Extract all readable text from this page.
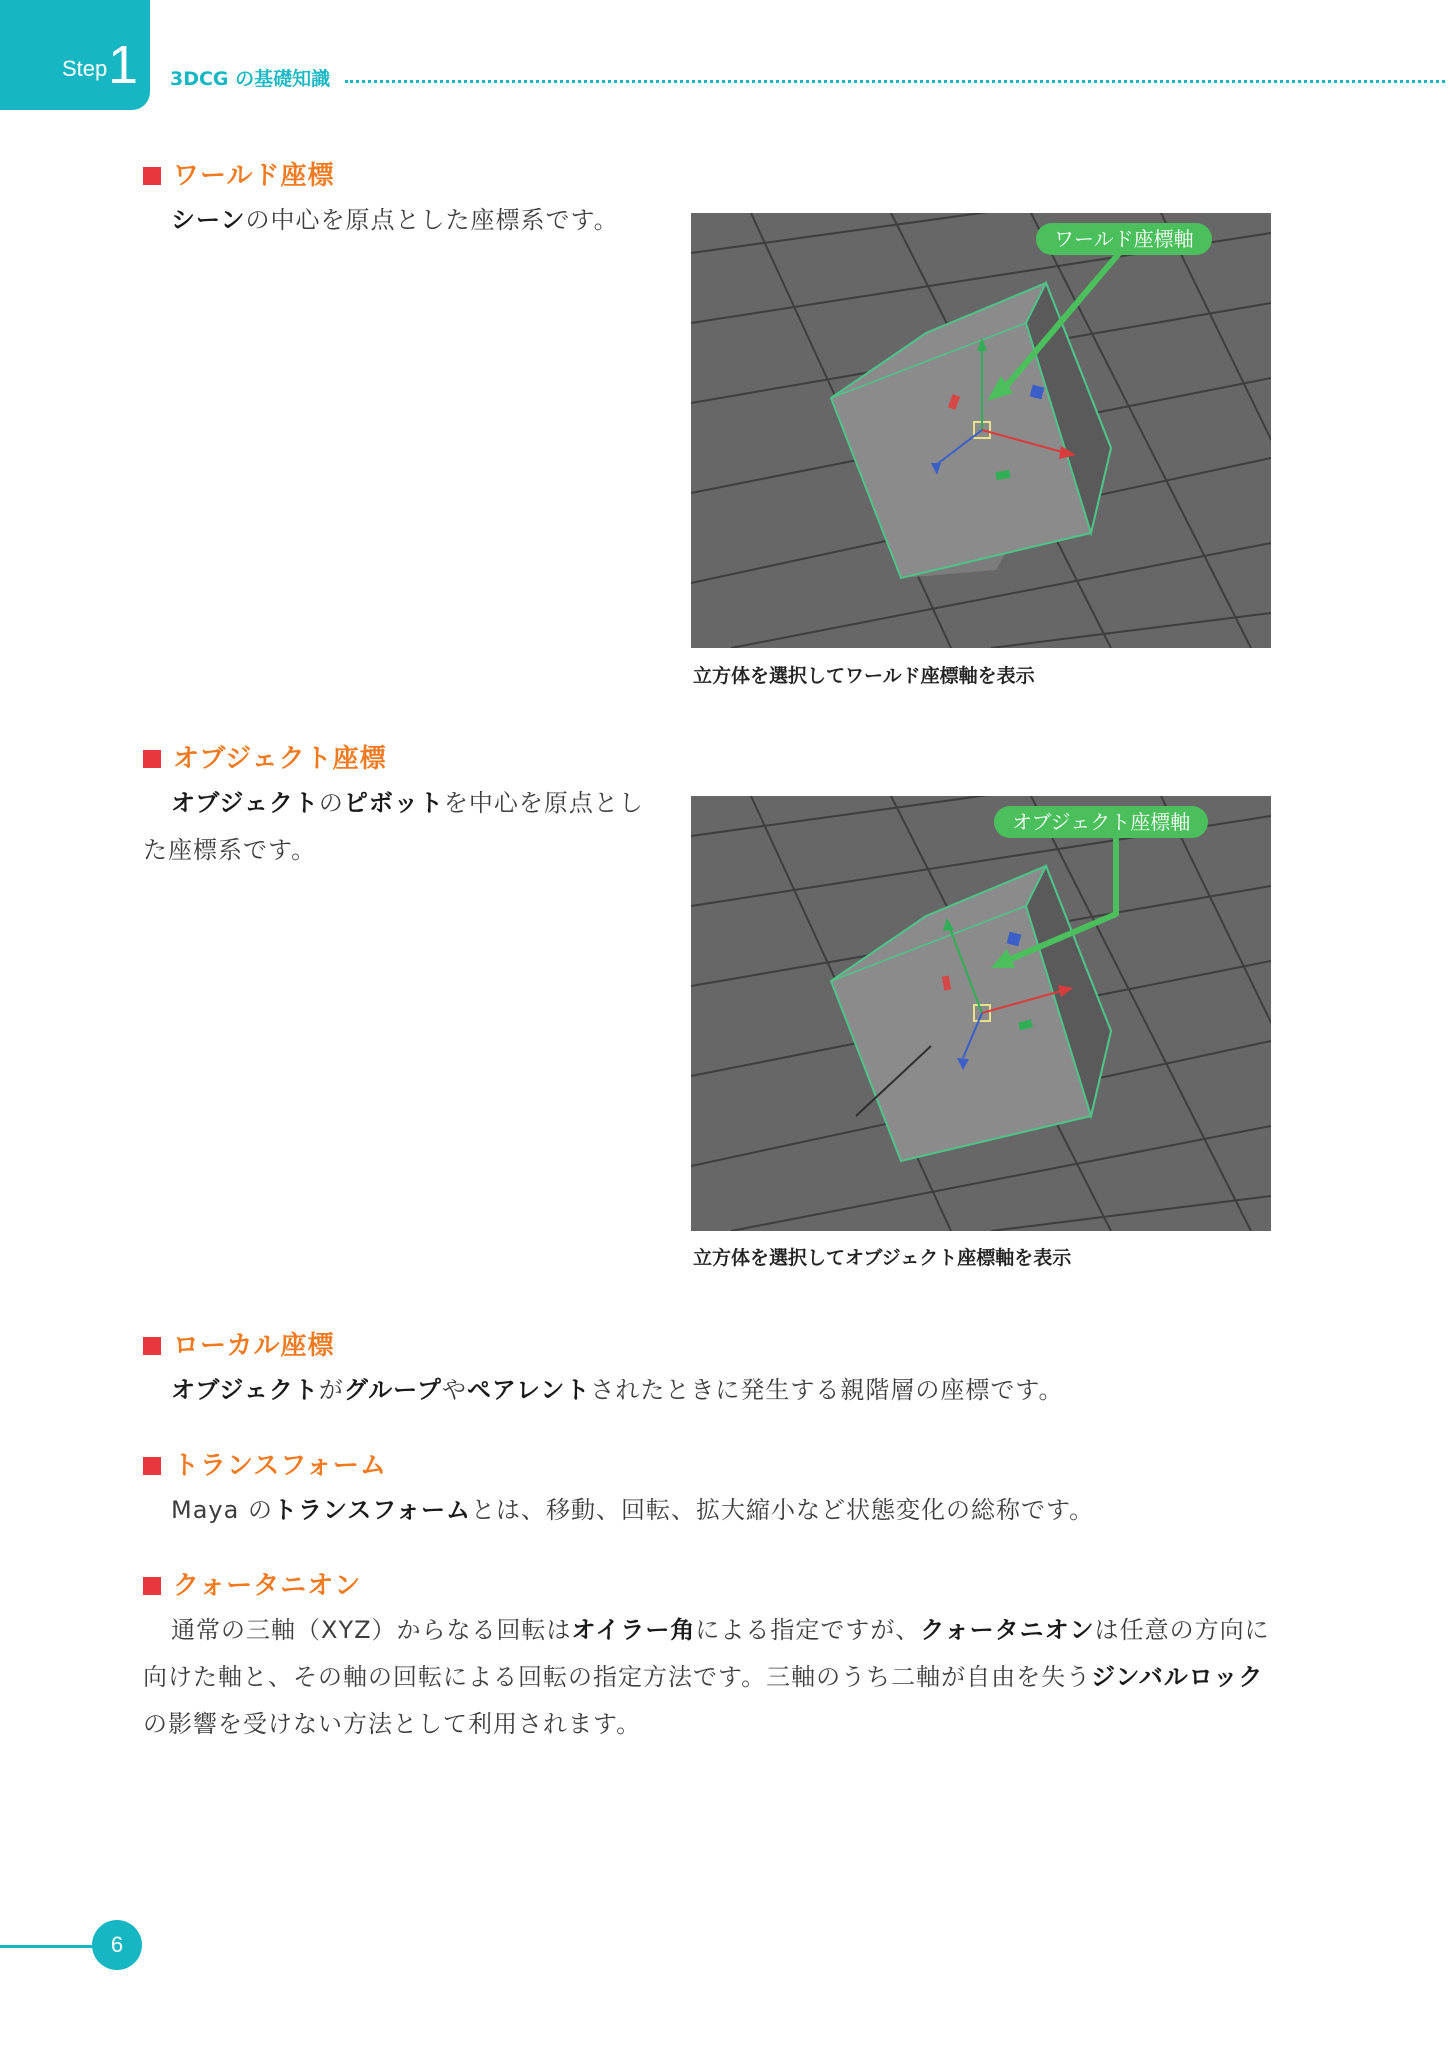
Step 1 3DCG の基礎知識
ワールド座標
シーンの中心を原点とした座標系です。
ワールド座標軸
立方体を選択してワールド座標軸を表示
オブジェクト座標
オブジェクトのピボットを中心を原点とした座標系です。
オブジェクト座標軸
立方体を選択してオブジェクト座標軸を表示
ローカル座標
オブジェクトがグループやペアレントされたときに発生する親階層の座標です。
トランスフォーム
Maya のトランスフォームとは、移動、回転、拡大縮小など状態変化の総称です。
クォータニオン
通常の三軸（XYZ）からなる回転はオイラー角による指定ですが、クォータニオンは任意の方向に向けた軸と、その軸の回転による回転の指定方法です。三軸のうち二軸が自由を失うジンバルロックの影響を受けない方法として利用されます。
6
